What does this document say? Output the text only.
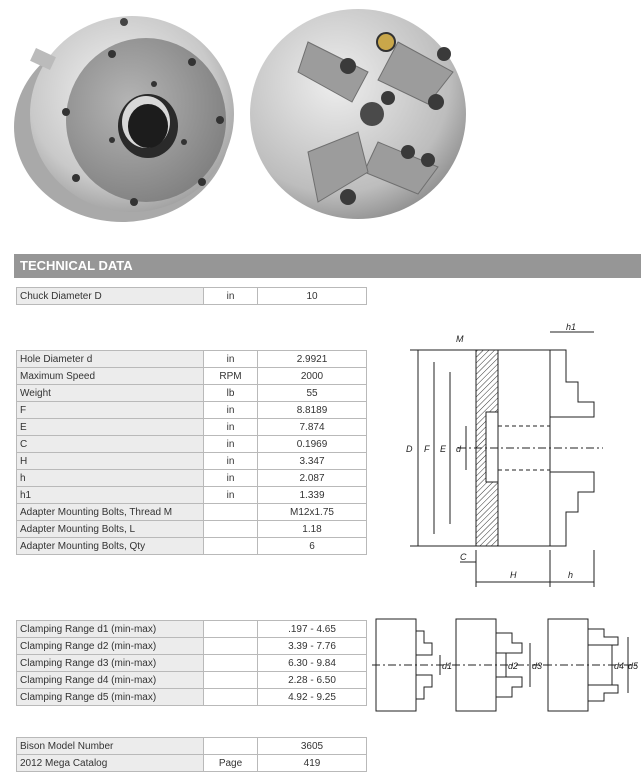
TECHNICAL DATA
Chuck Diameter D	in	10
Hole Diameter d	in	2.9921
Maximum Speed	RPM	2000
Weight	lb	55
F	in	8.8189
E	in	7.874
C	in	0.1969
H	in	3.347
h	in	2.087
h1	in	1.339
Adapter Mounting Bolts, Thread M		M12x1.75
Adapter Mounting Bolts, L		1.18
Adapter Mounting Bolts, Qty		6
Clamping Range d1 (min-max)		.197 - 4.65
Clamping Range d2 (min-max)		3.39 - 7.76
Clamping Range d3 (min-max)		6.30 - 9.84
Clamping Range d4 (min-max)		2.28 - 6.50
Clamping Range d5 (min-max)		4.92 - 9.25
Bison Model Number		3605
2012 Mega Catalog	Page	419
D F E d
M
C
H	h
h1
d1	d2 d3	d4 d5
